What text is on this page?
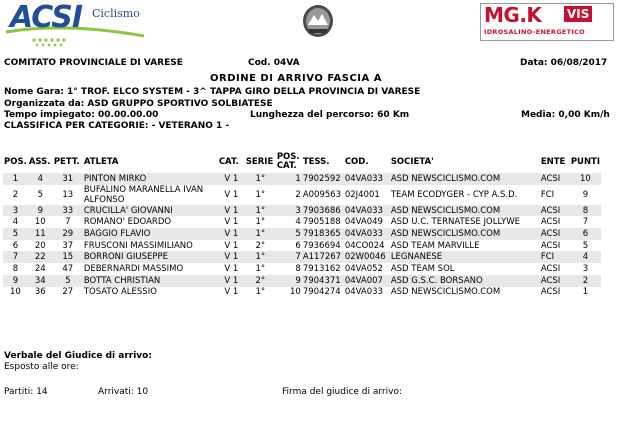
ACSI Ciclismo	MG.K VIS
IDROSALINO-ENERGETICO
COMITATO PROVINCIALE DI VARESE	Cod. 04VA	Data: 06/08/2017
ORDINE DI ARRIVO FASCIA A
Nome Gara: 1° TROF. ELCO SYSTEM - 3^ TAPPA GIRO DELLA PROVINCIA DI VARESE
Organizzata da: ASD GRUPPO SPORTIVO SOLBIATESE
Tempo impiegato: 00.00.00.00	Lunghezza del percorso: 60 Km	Media: 0,00 Km/h
CLASSIFICA PER CATEGORIE: - VETERANO 1 -
POS.	ASS.	PETT.	ATLETA	CAT.	SERIE	POS. CAT.	TESS.	COD.	SOCIETA'	ENTE	PUNTI
1	4	31	PINTON MIRKO	V 1	1°	1	7902592	04VA033	ASD NEWSCICLISMO.COM	ACSI	10
2	5	13	BUFALINO MARANELLA IVAN ALFONSO	V 1	1°	2	A009563	02J4001	TEAM ECODYGER - CYP A.S.D.	FCI	9
3	9	33	CRUCILLA' GIOVANNI	V 1	1°	3	7903686	04VA033	ASD NEWSCICLISMO.COM	ACSI	8
4	10	7	ROMANO' EDOARDO	V 1	1°	4	7905188	04VA049	ASD U.C. TERNATESE JOLLYWE	ACSI	7
5	11	29	BAGGIO FLAVIO	V 1	1°	5	7918365	04VA033	ASD NEWSCICLISMO.COM	ACSI	6
6	20	37	FRUSCONI MASSIMILIANO	V 1	2°	6	7936694	04CO024	ASD TEAM MARVILLE	ACSI	5
7	22	15	BORRONI GIUSEPPE	V 1	1°	7	A117267	02W0046	LEGNANESE	FCI	4
8	24	47	DEBERNARDI MASSIMO	V 1	1°	8	7913162	04VA052	ASD TEAM SOL	ACSI	3
9	34	5	BOTTA CHRISTIAN	V 1	2°	9	7904371	04VA007	ASD G.S.C. BORSANO	ACSI	2
10	36	27	TOSATO ALESSIO	V 1	1°	10	7904274	04VA033	ASD NEWSCICLISMO.COM	ACSI	1
Verbale del Giudice di arrivo:
Esposto alle ore:
Partiti: 14	Arrivati: 10	Firma del giudice di arrivo:
